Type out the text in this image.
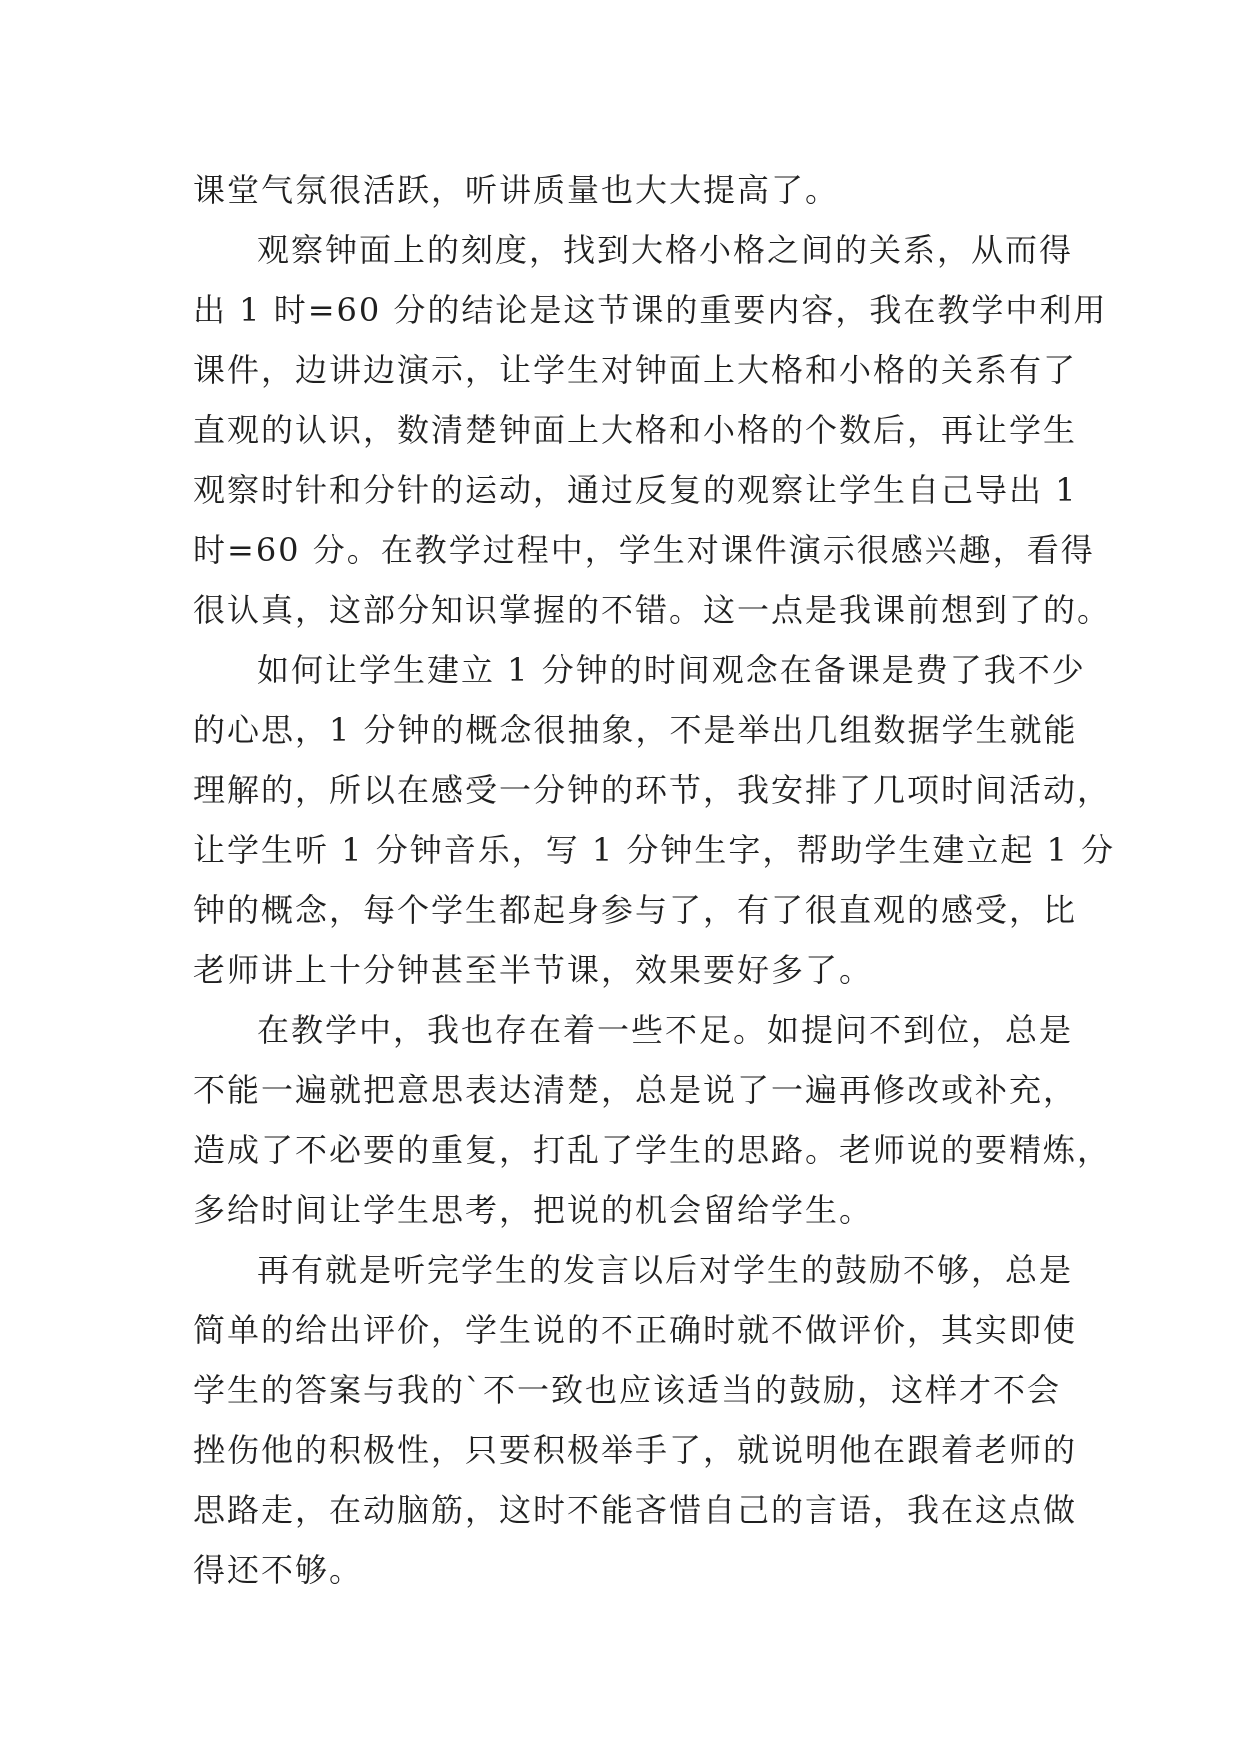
课堂气氛很活跃，听讲质量也大大提高了。
观察钟面上的刻度，找到大格小格之间的关系，从而得
出 1 时=60 分的结论是这节课的重要内容，我在教学中利用
课件，边讲边演示，让学生对钟面上大格和小格的关系有了
直观的认识，数清楚钟面上大格和小格的个数后，再让学生
观察时针和分针的运动，通过反复的观察让学生自己导出 1
时=60 分。在教学过程中，学生对课件演示很感兴趣，看得
很认真，这部分知识掌握的不错。这一点是我课前想到了的。
如何让学生建立 1 分钟的时间观念在备课是费了我不少
的心思，1 分钟的概念很抽象，不是举出几组数据学生就能
理解的，所以在感受一分钟的环节，我安排了几项时间活动，
让学生听 1 分钟音乐，写 1 分钟生字，帮助学生建立起 1 分
钟的概念，每个学生都起身参与了，有了很直观的感受，比
老师讲上十分钟甚至半节课，效果要好多了。
在教学中，我也存在着一些不足。如提问不到位，总是
不能一遍就把意思表达清楚，总是说了一遍再修改或补充，
造成了不必要的重复，打乱了学生的思路。老师说的要精炼，
多给时间让学生思考，把说的机会留给学生。
再有就是听完学生的发言以后对学生的鼓励不够，总是
简单的给出评价，学生说的不正确时就不做评价，其实即使
学生的答案与我的`不一致也应该适当的鼓励，这样才不会
挫伤他的积极性，只要积极举手了，就说明他在跟着老师的
思路走，在动脑筋，这时不能吝惜自己的言语，我在这点做
得还不够。
